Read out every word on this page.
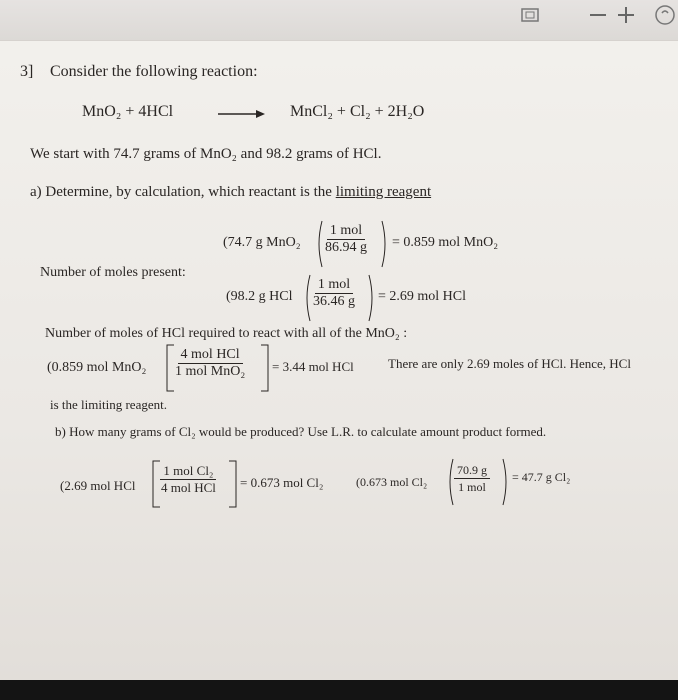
3] Consider the following reaction:
MnO₂ + 4HCl	→ MnCl₂ + Cl₂ + 2H₂O
We start with 74.7 grams of MnO₂ and 98.2 grams of HCl.
a) Determine, by calculation, which reactant is the limiting reagent
(74.7 g MnO₂
1 mol
86.94 g = 0.859 mol MnO₂
Number of moles present:
(98.2 g HCl
1 mol
36.46 g = 2.69 mol HCl
Number of moles of HCl required to react with all of the MnO₂ :
(0.859 mol MnO₂
4 mol HCl
1 mol MnO₂ = 3.44 mol HCl	There are only 2.69 moles of HCl. Hence, HCl
is the limiting reagent.
b) How many grams of Cl₂ would be produced? Use L.R. to calculate amount product formed.
(2.69 mol HCl
1 mol Cl₂
4 mol HCl = 0.673 mol Cl₂	(0.673 mol Cl₂
70.9 g
1 mol
= 47.7 g Cl₂
